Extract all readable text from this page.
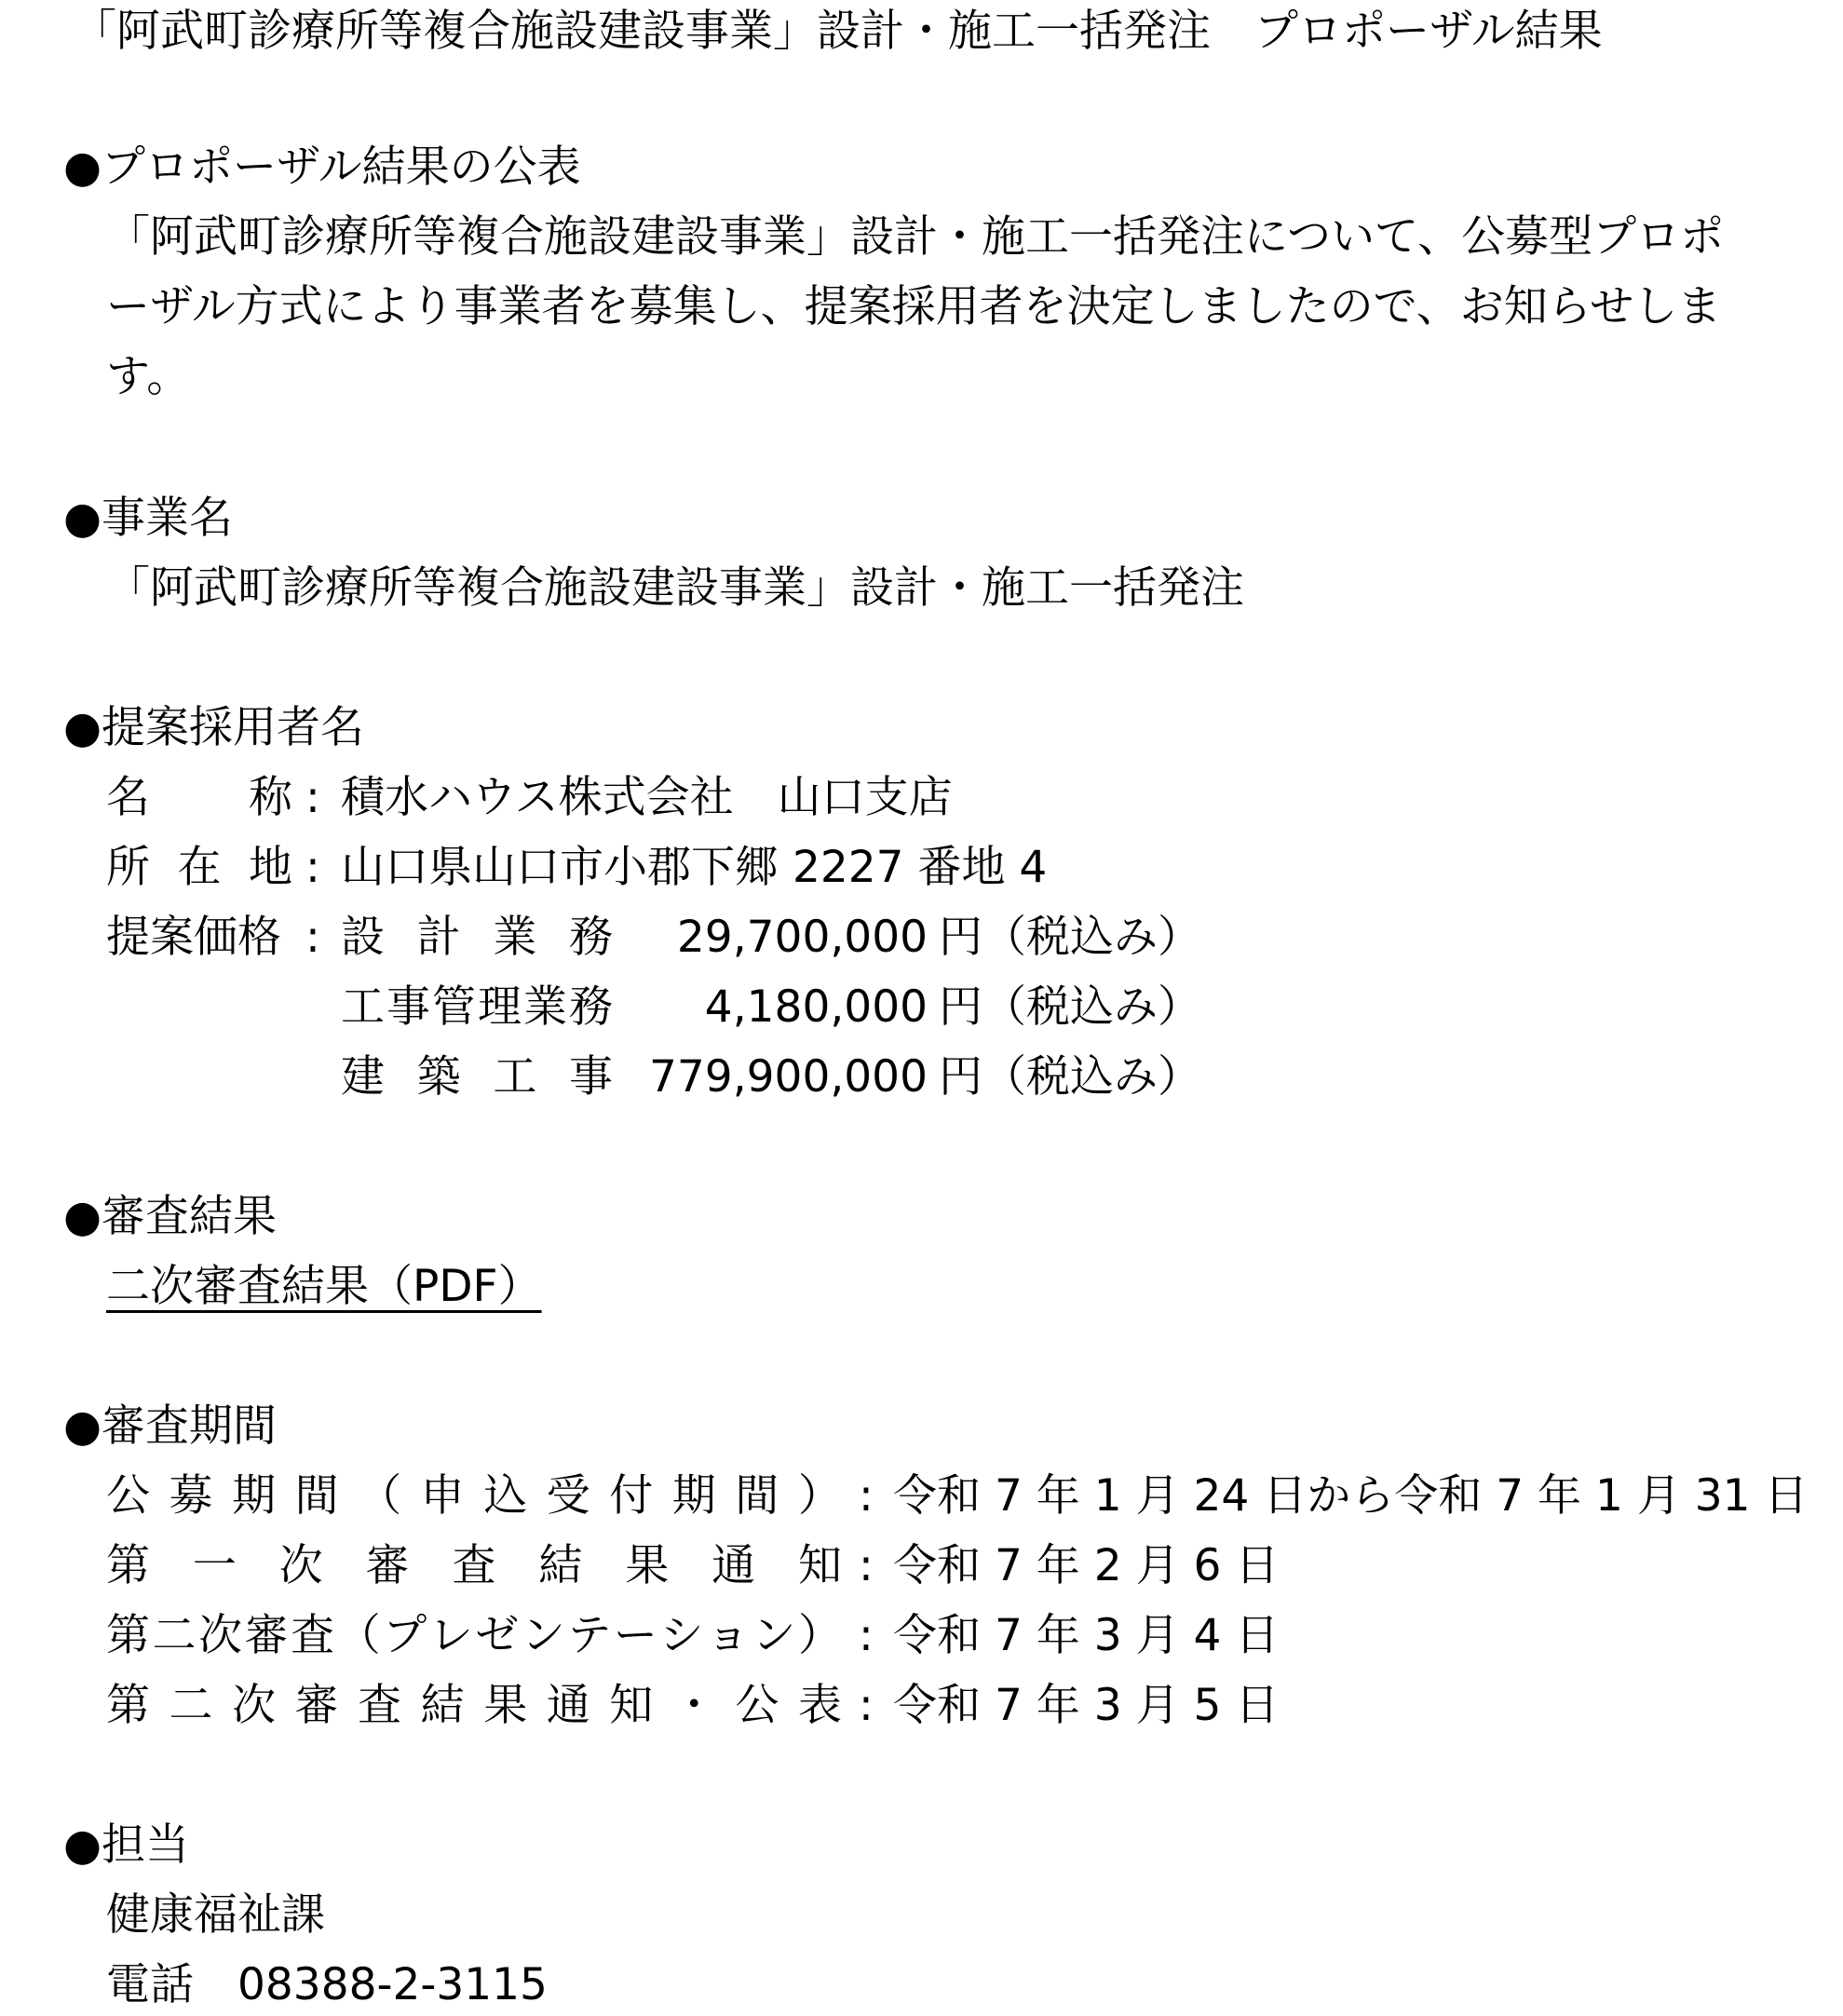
「阿武町診療所等複合施設建設事業」設計・施工一括発注　プロポーザル結果
●プロポーザル結果の公表
「阿武町診療所等複合施設建設事業」設計・施工一括発注について、公募型プロポ
ーザル方式により事業者を募集し、提案採用者を決定しましたので、お知らせしま
す。
●事業名
「阿武町診療所等複合施設建設事業」設計・施工一括発注
●提案採用者名
名 称 : 積水ハウス株式会社　山口支店
所 在 地 : 山口県山口市小郡下郷 2227 番地 4
提案価格 : 設 計 業 務	29,700,000 円（税込み）
工 事 管 理 業 務	4,180,000 円（税込み）
建 築 工 事 779,900,000 円（税込み）
●審査結果
二次審査結果（PDF）
●審査期間
公 募 期 間 （ 申 込 受 付 期 間 ） : 令和 7 年 1 月 24 日から令和 7 年 1 月 31 日
第 一 次 審 査 結 果 通 知 : 令和 7 年 2 月 6 日
第 二 次 審 査 （ プ レ ゼ ン テ ー シ ョ ン ） : 令和 7 年 3 月 4 日
第 二 次 審 査 結 果 通 知 ・ 公 表 : 令和 7 年 3 月 5 日
●担当
健康福祉課
電話　08388-2-3115
